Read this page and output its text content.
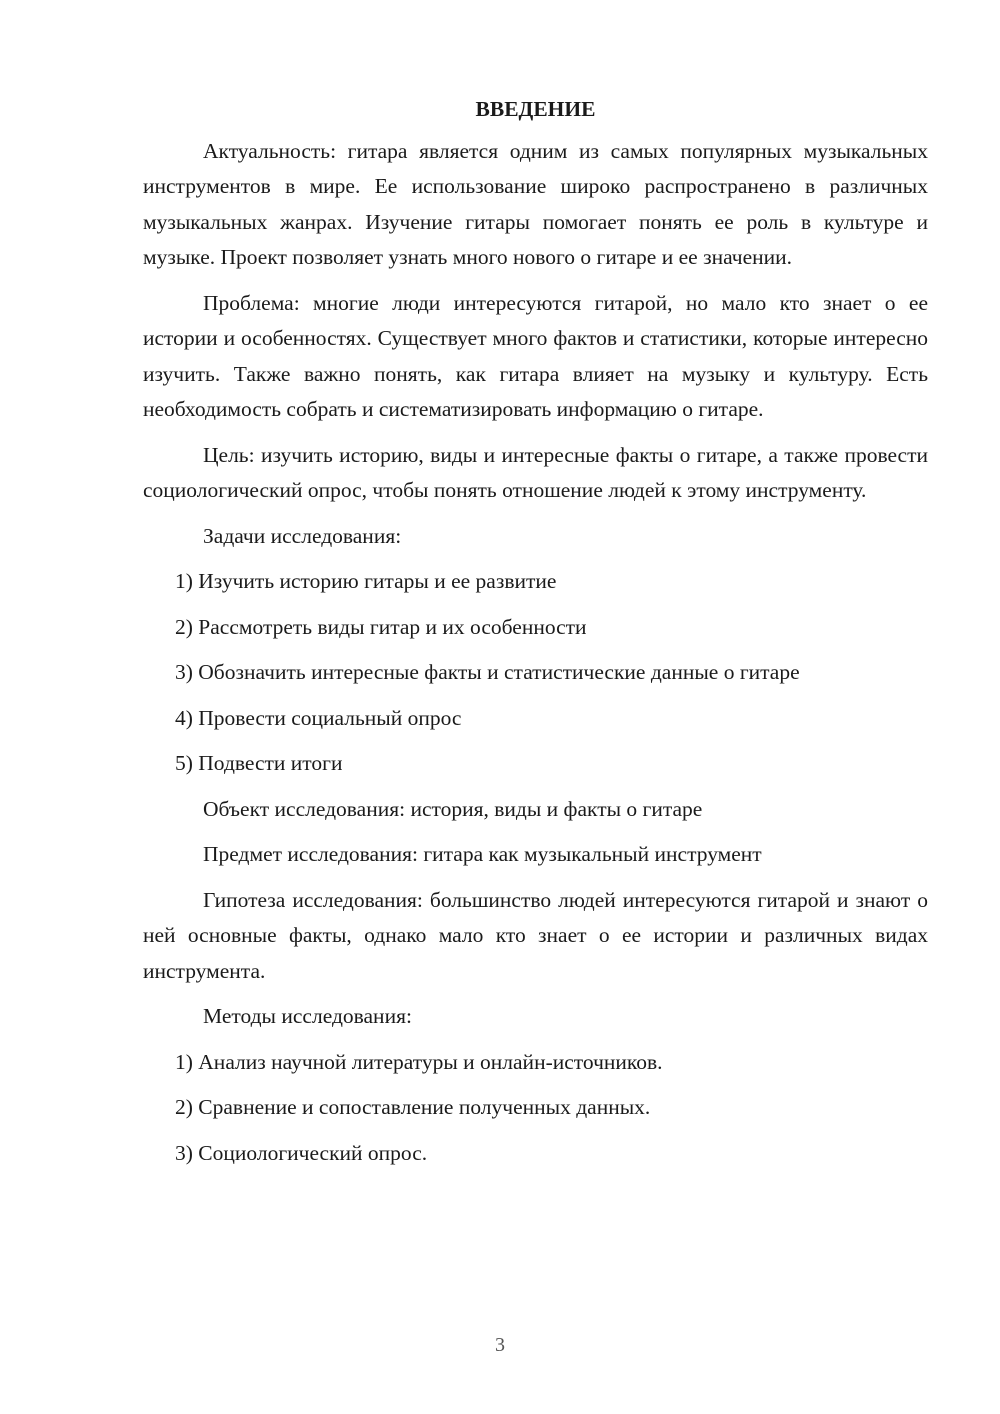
ВВЕДЕНИЕ

Актуальность: гитара является одним из самых популярных музыкальных инструментов в мире. Ее использование широко распространено в различных музыкальных жанрах. Изучение гитары помогает понять ее роль в культуре и музыке. Проект позволяет узнать много нового о гитаре и ее значении.

Проблема: многие люди интересуются гитарой, но мало кто знает о ее истории и особенностях. Существует много фактов и статистики, которые интересно изучить. Также важно понять, как гитара влияет на музыку и культуру. Есть необходимость собрать и систематизировать информацию о гитаре.

Цель: изучить историю, виды и интересные факты о гитаре, а также провести социологический опрос, чтобы понять отношение людей к этому инструменту.

Задачи исследования:
1) Изучить историю гитары и ее развитие
2) Рассмотреть виды гитар и их особенности
3) Обозначить интересные факты и статистические данные о гитаре
4) Провести социальный опрос
5) Подвести итоги
Объект исследования: история, виды и факты о гитаре
Предмет исследования: гитара как музыкальный инструмент

Гипотеза исследования: большинство людей интересуются гитарой и знают о ней основные факты, однако мало кто знает о ее истории и различных видах инструмента.

Методы исследования:
1) Анализ научной литературы и онлайн-источников.
2) Сравнение и сопоставление полученных данных.
3) Социологический опрос.
3
